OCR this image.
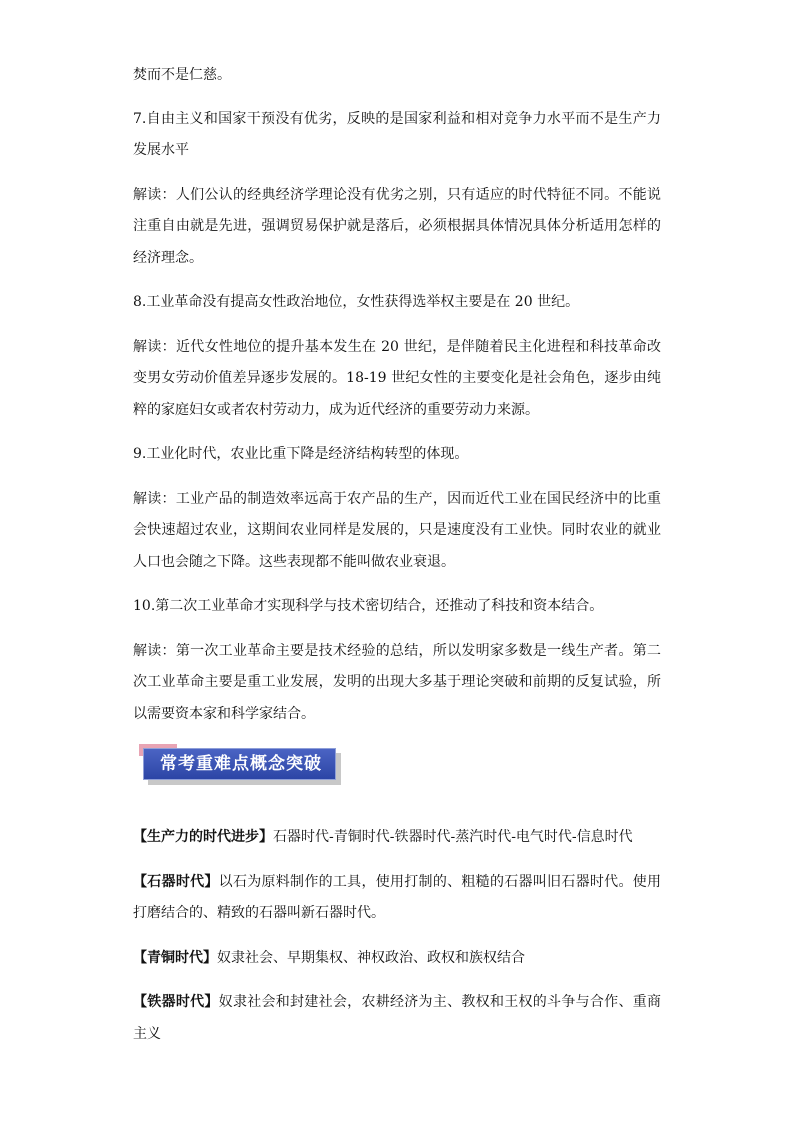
焚而不是仁慈。

7.自由主义和国家干预没有优劣，反映的是国家利益和相对竞争力水平而不是生产力发展水平

解读：人们公认的经典经济学理论没有优劣之别，只有适应的时代特征不同。不能说注重自由就是先进，强调贸易保护就是落后，必须根据具体情况具体分析适用怎样的经济理念。

8.工业革命没有提高女性政治地位，女性获得选举权主要是在 20 世纪。

解读：近代女性地位的提升基本发生在 20 世纪，是伴随着民主化进程和科技革命改变男女劳动价值差异逐步发展的。18-19 世纪女性的主要变化是社会角色，逐步由纯粹的家庭妇女或者农村劳动力，成为近代经济的重要劳动力来源。

9.工业化时代，农业比重下降是经济结构转型的体现。

解读：工业产品的制造效率远高于农产品的生产，因而近代工业在国民经济中的比重会快速超过农业，这期间农业同样是发展的，只是速度没有工业快。同时农业的就业人口也会随之下降。这些表现都不能叫做农业衰退。

10.第二次工业革命才实现科学与技术密切结合，还推动了科技和资本结合。

解读：第一次工业革命主要是技术经验的总结，所以发明家多数是一线生产者。第二次工业革命主要是重工业发展，发明的出现大多基于理论突破和前期的反复试验，所以需要资本家和科学家结合。

常考重难点概念突破

【生产力的时代进步】石器时代-青铜时代-铁器时代-蒸汽时代-电气时代-信息时代

【石器时代】以石为原料制作的工具，使用打制的、粗糙的石器叫旧石器时代。使用打磨结合的、精致的石器叫新石器时代。

【青铜时代】奴隶社会、早期集权、神权政治、政权和族权结合

【铁器时代】奴隶社会和封建社会，农耕经济为主、教权和王权的斗争与合作、重商主义
